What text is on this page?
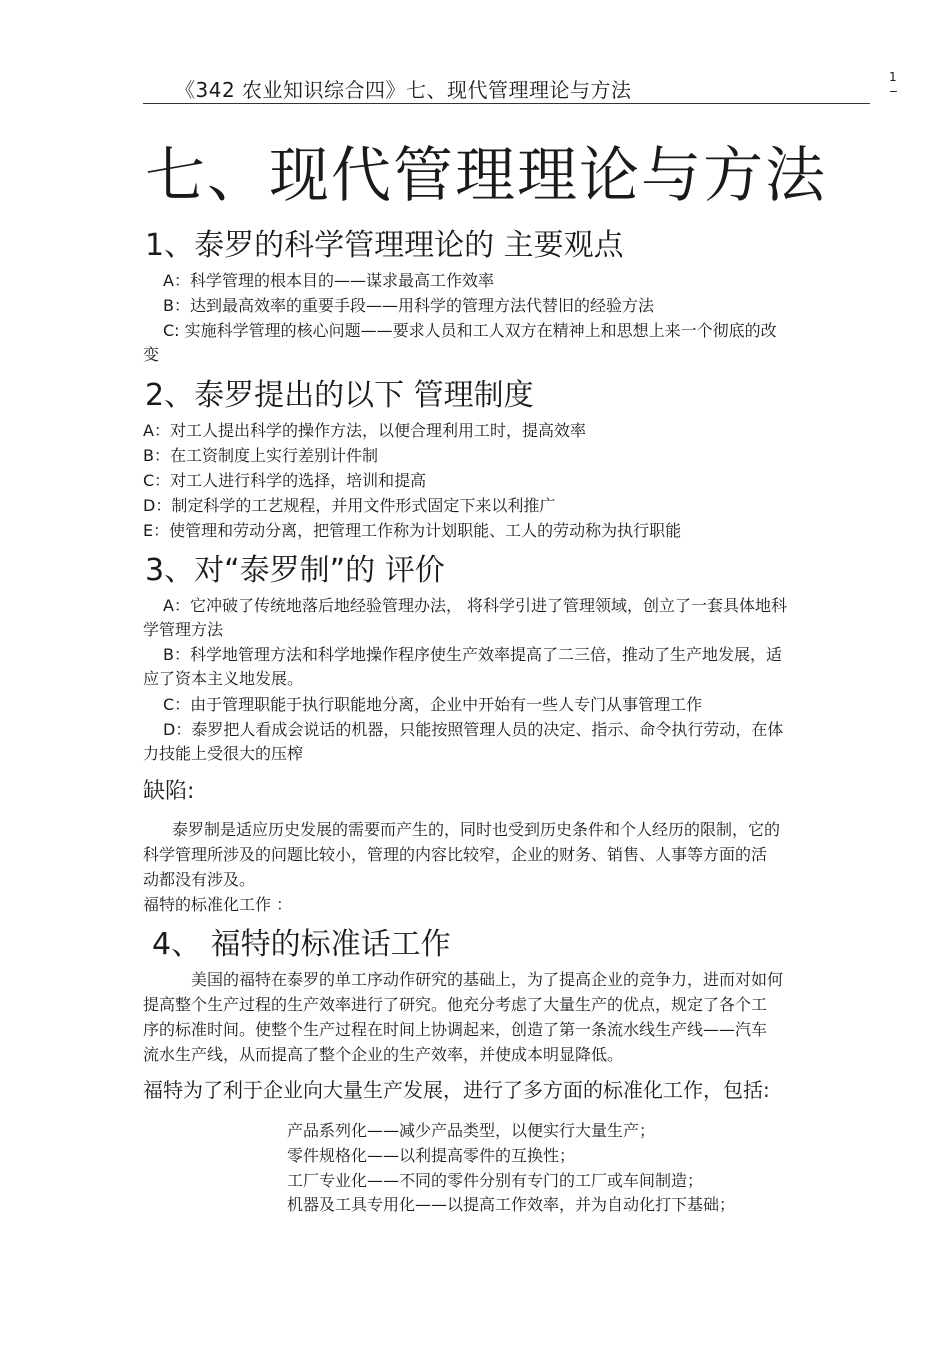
《342 农业知识综合四》七、现代管理理论与方法
1
七、现代管理理论与方法
1、泰罗的科学管理理论的 主要观点
A：科学管理的根本目的——谋求最高工作效率
B：达到最高效率的重要手段——用科学的管理方法代替旧的经验方法
C: 实施科学管理的核心问题——要求人员和工人双方在精神上和思想上来一个彻底的改
变
2、泰罗提出的以下 管理制度
A：对工人提出科学的操作方法，以便合理利用工时，提高效率
B：在工资制度上实行差别计件制
C：对工人进行科学的选择，培训和提高
D：制定科学的工艺规程，并用文件形式固定下来以利推广
E：使管理和劳动分离，把管理工作称为计划职能、工人的劳动称为执行职能
3、对“泰罗制”的 评价
A：它冲破了传统地落后地经验管理办法， 将科学引进了管理领域，创立了一套具体地科
学管理方法
B：科学地管理方法和科学地操作程序使生产效率提高了二三倍，推动了生产地发展，适
应了资本主义地发展。
C：由于管理职能于执行职能地分离，企业中开始有一些人专门从事管理工作
D：泰罗把人看成会说话的机器，只能按照管理人员的决定、指示、命令执行劳动，在体
力技能上受很大的压榨
缺陷:
泰罗制是适应历史发展的需要而产生的，同时也受到历史条件和个人经历的限制，它的
科学管理所涉及的问题比较小，管理的内容比较窄，企业的财务、销售、人事等方面的活
动都没有涉及。
福特的标准化工作 ：
4、 福特的标准话工作
美国的福特在泰罗的单工序动作研究的基础上，为了提高企业的竞争力，进而对如何
提高整个生产过程的生产效率进行了研究。他充分考虑了大量生产的优点，规定了各个工
序的标准时间。使整个生产过程在时间上协调起来，创造了第一条流水线生产线——汽车
流水生产线，从而提高了整个企业的生产效率，并使成本明显降低。
福特为了利于企业向大量生产发展，进行了多方面的标准化工作，包括:
产品系列化——减少产品类型，以便实行大量生产；
零件规格化——以利提高零件的互换性；
工厂专业化——不同的零件分别有专门的工厂或车间制造；
机器及工具专用化——以提高工作效率，并为自动化打下基础；
